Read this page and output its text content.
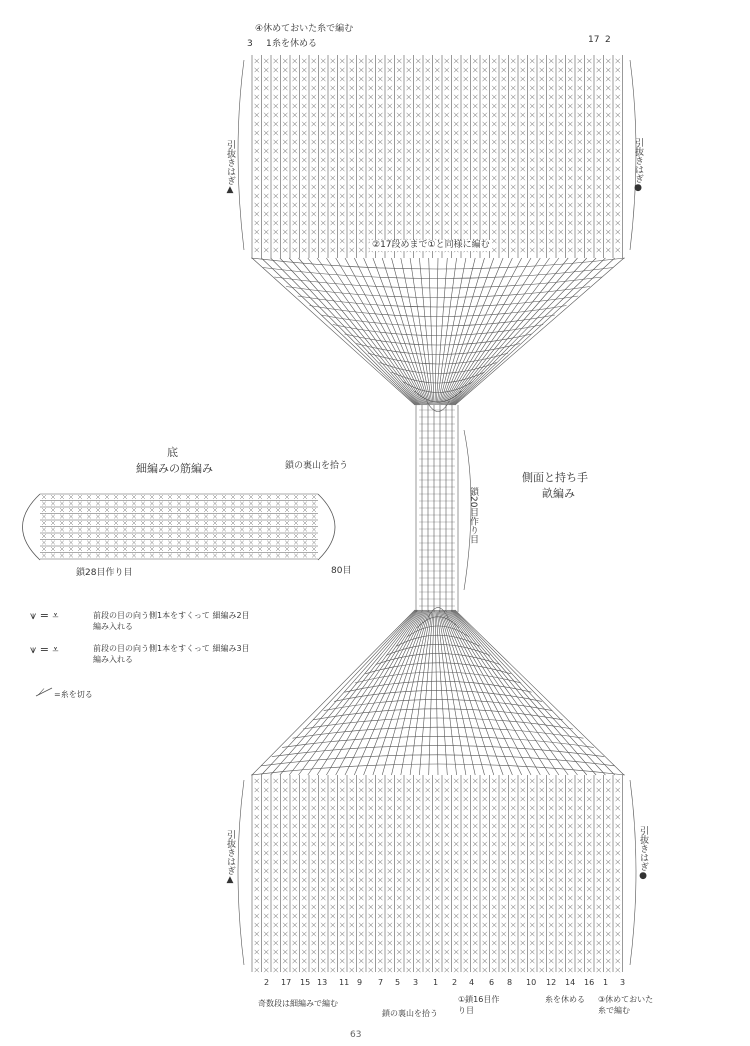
④休めておいた糸で編む
糸を休める
3 1	17 2
引抜きはぎ▲	引抜きはぎ●
②17段めまで①と同様に編む
底
細編みの筋編み	鎖の裏山を拾う
鎖28目作り目	80目
側面と持ち手
畝編み
鎖20目作り目
⩛ = ⩡	前段の目の向う側1本をすくって 細編み2目編み入れる
⩛ = ⩡	前段の目の向う側1本をすくって 細編み3目編み入れる
⟋ =糸を切る
引抜きはぎ▲	引抜きはぎ●
2 17 15 13 11 9 7 5 3 1 2 4 6 8 10 12 14 16 1 3
奇数段は細編みで編む
鎖の裏山を拾う
①鎖16目作り目
糸を休める ③休めておいた糸で編む
63
